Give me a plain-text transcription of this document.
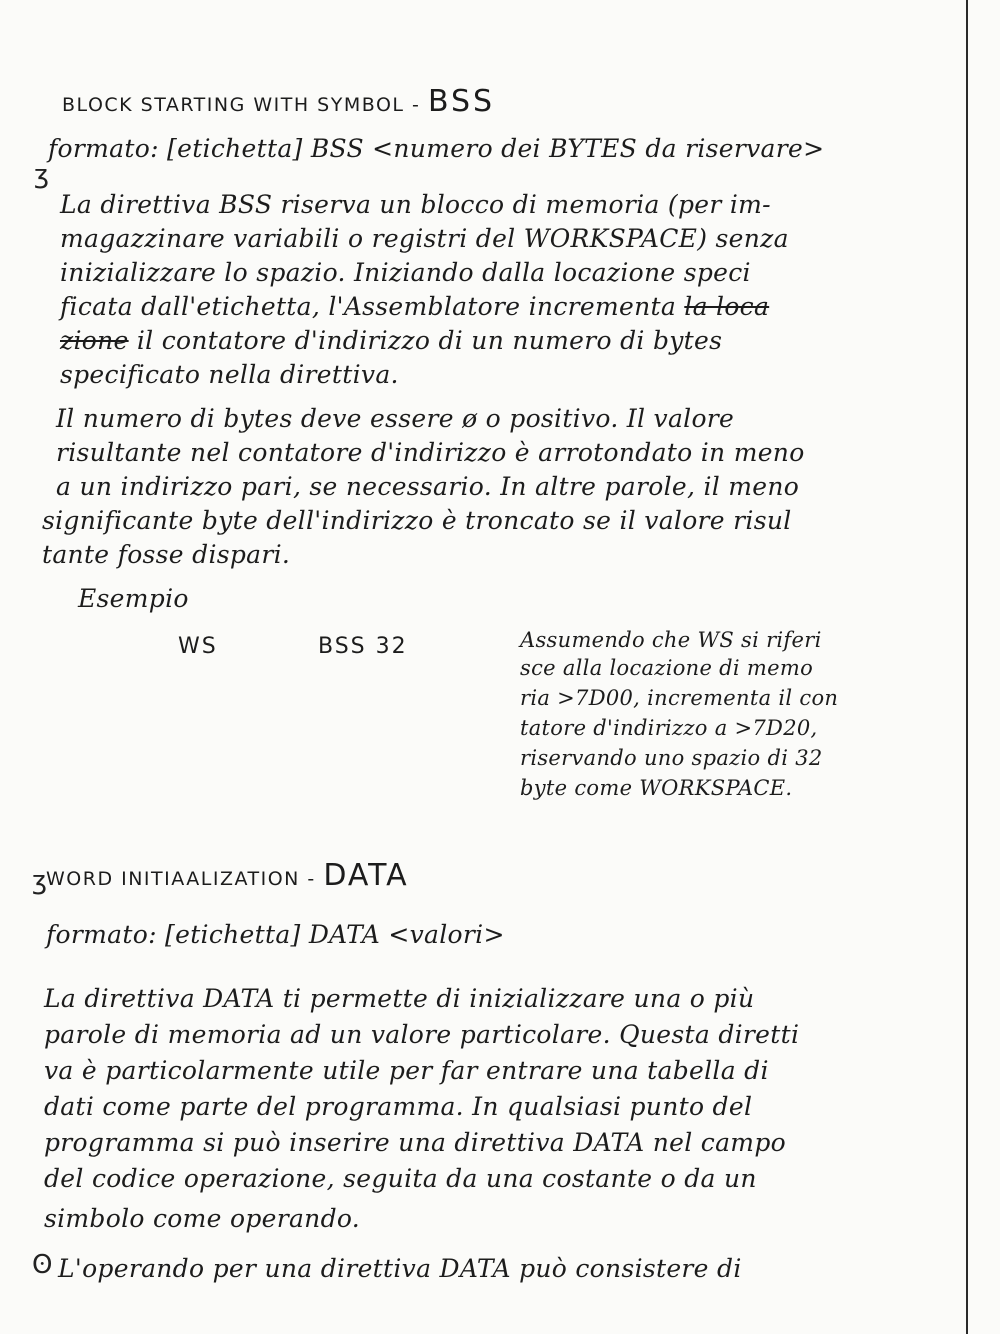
BLOCK STARTING WITH SYMBOL - BSS
formato: [etichetta] BSS <numero dei BYTES da riservare>
ʒ
La direttiva BSS riserva un blocco di memoria (per im-
magazzinare variabili o registri del WORKSPACE) senza
inizializzare lo spazio. Iniziando dalla locazione speci
ficata dall'etichetta, l'Assemblatore incrementa la loca
zione il contatore d'indirizzo di un numero di bytes
specificato nella direttiva.
Il numero di bytes deve essere ø o positivo. Il valore
risultante nel contatore d'indirizzo è arrotondato in meno
a un indirizzo pari, se necessario. In altre parole, il meno
significante byte dell'indirizzo è troncato se il valore risul
tante fosse dispari.
Esempio
WS	BSS 32	Assumendo che WS si riferi
sce alla locazione di memo
ria >7D00, incrementa il con
tatore d'indirizzo a >7D20,
riservando uno spazio di 32
byte come WORKSPACE.
ʒ
WORD INITIAALIZATION - DATA
formato: [etichetta] DATA <valori>
La direttiva DATA ti permette di inizializzare una o più
parole di memoria ad un valore particolare. Questa diretti
va è particolarmente utile per far entrare una tabella di
dati come parte del programma. In qualsiasi punto del
programma si può inserire una direttiva DATA nel campo
del codice operazione, seguita da una costante o da un
simbolo come operando.
ʘ L'operando per una direttiva DATA può consistere di
